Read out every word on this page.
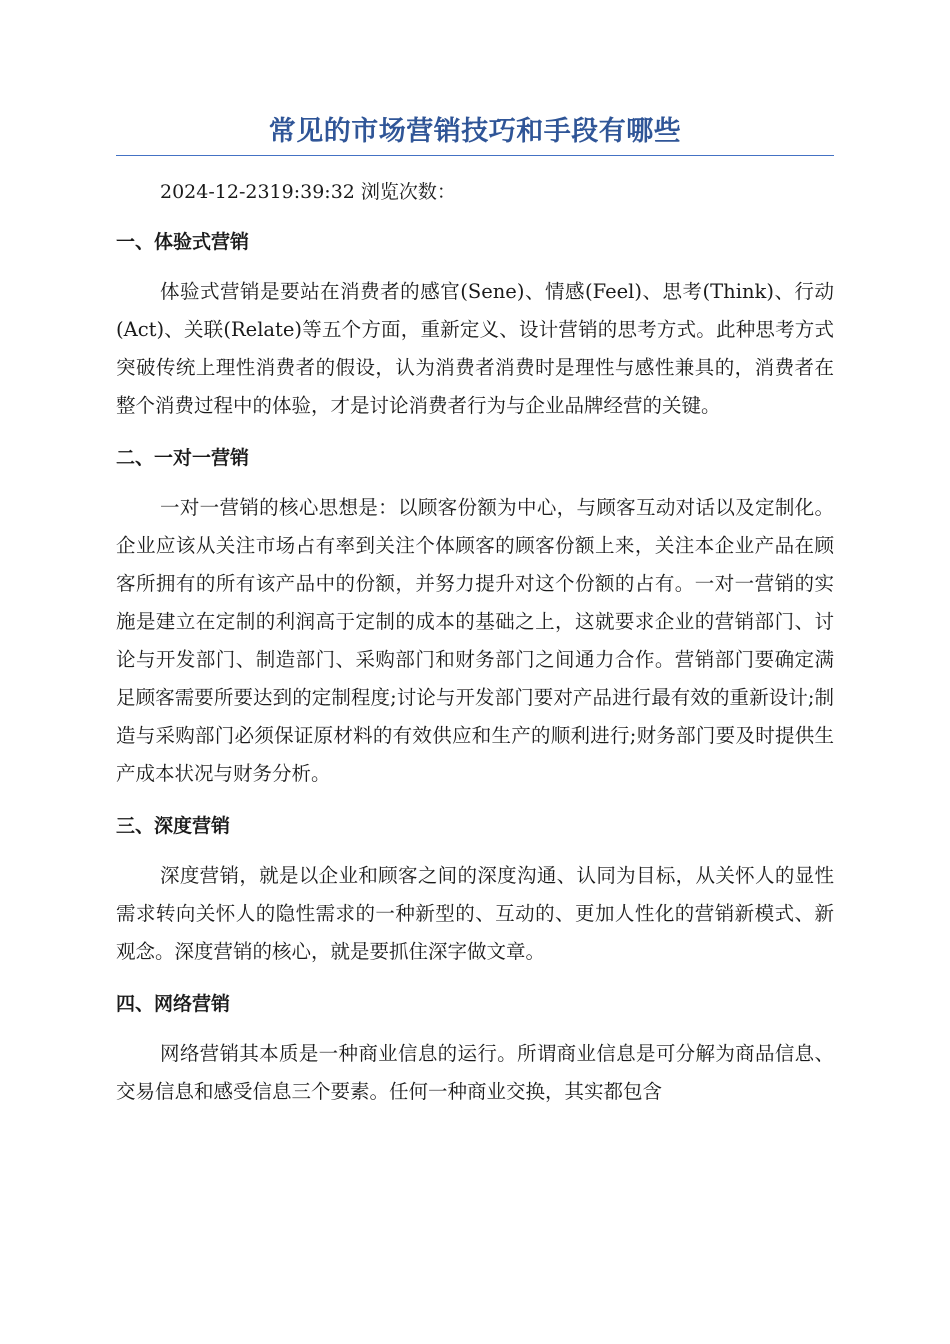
常见的市场营销技巧和手段有哪些

2024-12-2319:39:32 浏览次数：

一、体验式营销

体验式营销是要站在消费者的感官(Sene)、情感(Feel)、思考(Think)、行动(Act)、关联(Relate)等五个方面，重新定义、设计营销的思考方式。此种思考方式突破传统上理性消费者的假设，认为消费者消费时是理性与感性兼具的，消费者在整个消费过程中的体验，才是讨论消费者行为与企业品牌经营的关键。

二、一对一营销

一对一营销的核心思想是：以顾客份额为中心，与顾客互动对话以及定制化。企业应该从关注市场占有率到关注个体顾客的顾客份额上来，关注本企业产品在顾客所拥有的所有该产品中的份额，并努力提升对这个份额的占有。一对一营销的实施是建立在定制的利润高于定制的成本的基础之上，这就要求企业的营销部门、讨论与开发部门、制造部门、采购部门和财务部门之间通力合作。营销部门要确定满足顾客需要所要达到的定制程度;讨论与开发部门要对产品进行最有效的重新设计;制造与采购部门必须保证原材料的有效供应和生产的顺利进行;财务部门要及时提供生产成本状况与财务分析。

三、深度营销

深度营销，就是以企业和顾客之间的深度沟通、认同为目标，从关怀人的显性需求转向关怀人的隐性需求的一种新型的、互动的、更加人性化的营销新模式、新观念。深度营销的核心，就是要抓住深字做文章。

四、网络营销

网络营销其本质是一种商业信息的运行。所谓商业信息是可分解为商品信息、交易信息和感受信息三个要素。任何一种商业交换，其实都包含
